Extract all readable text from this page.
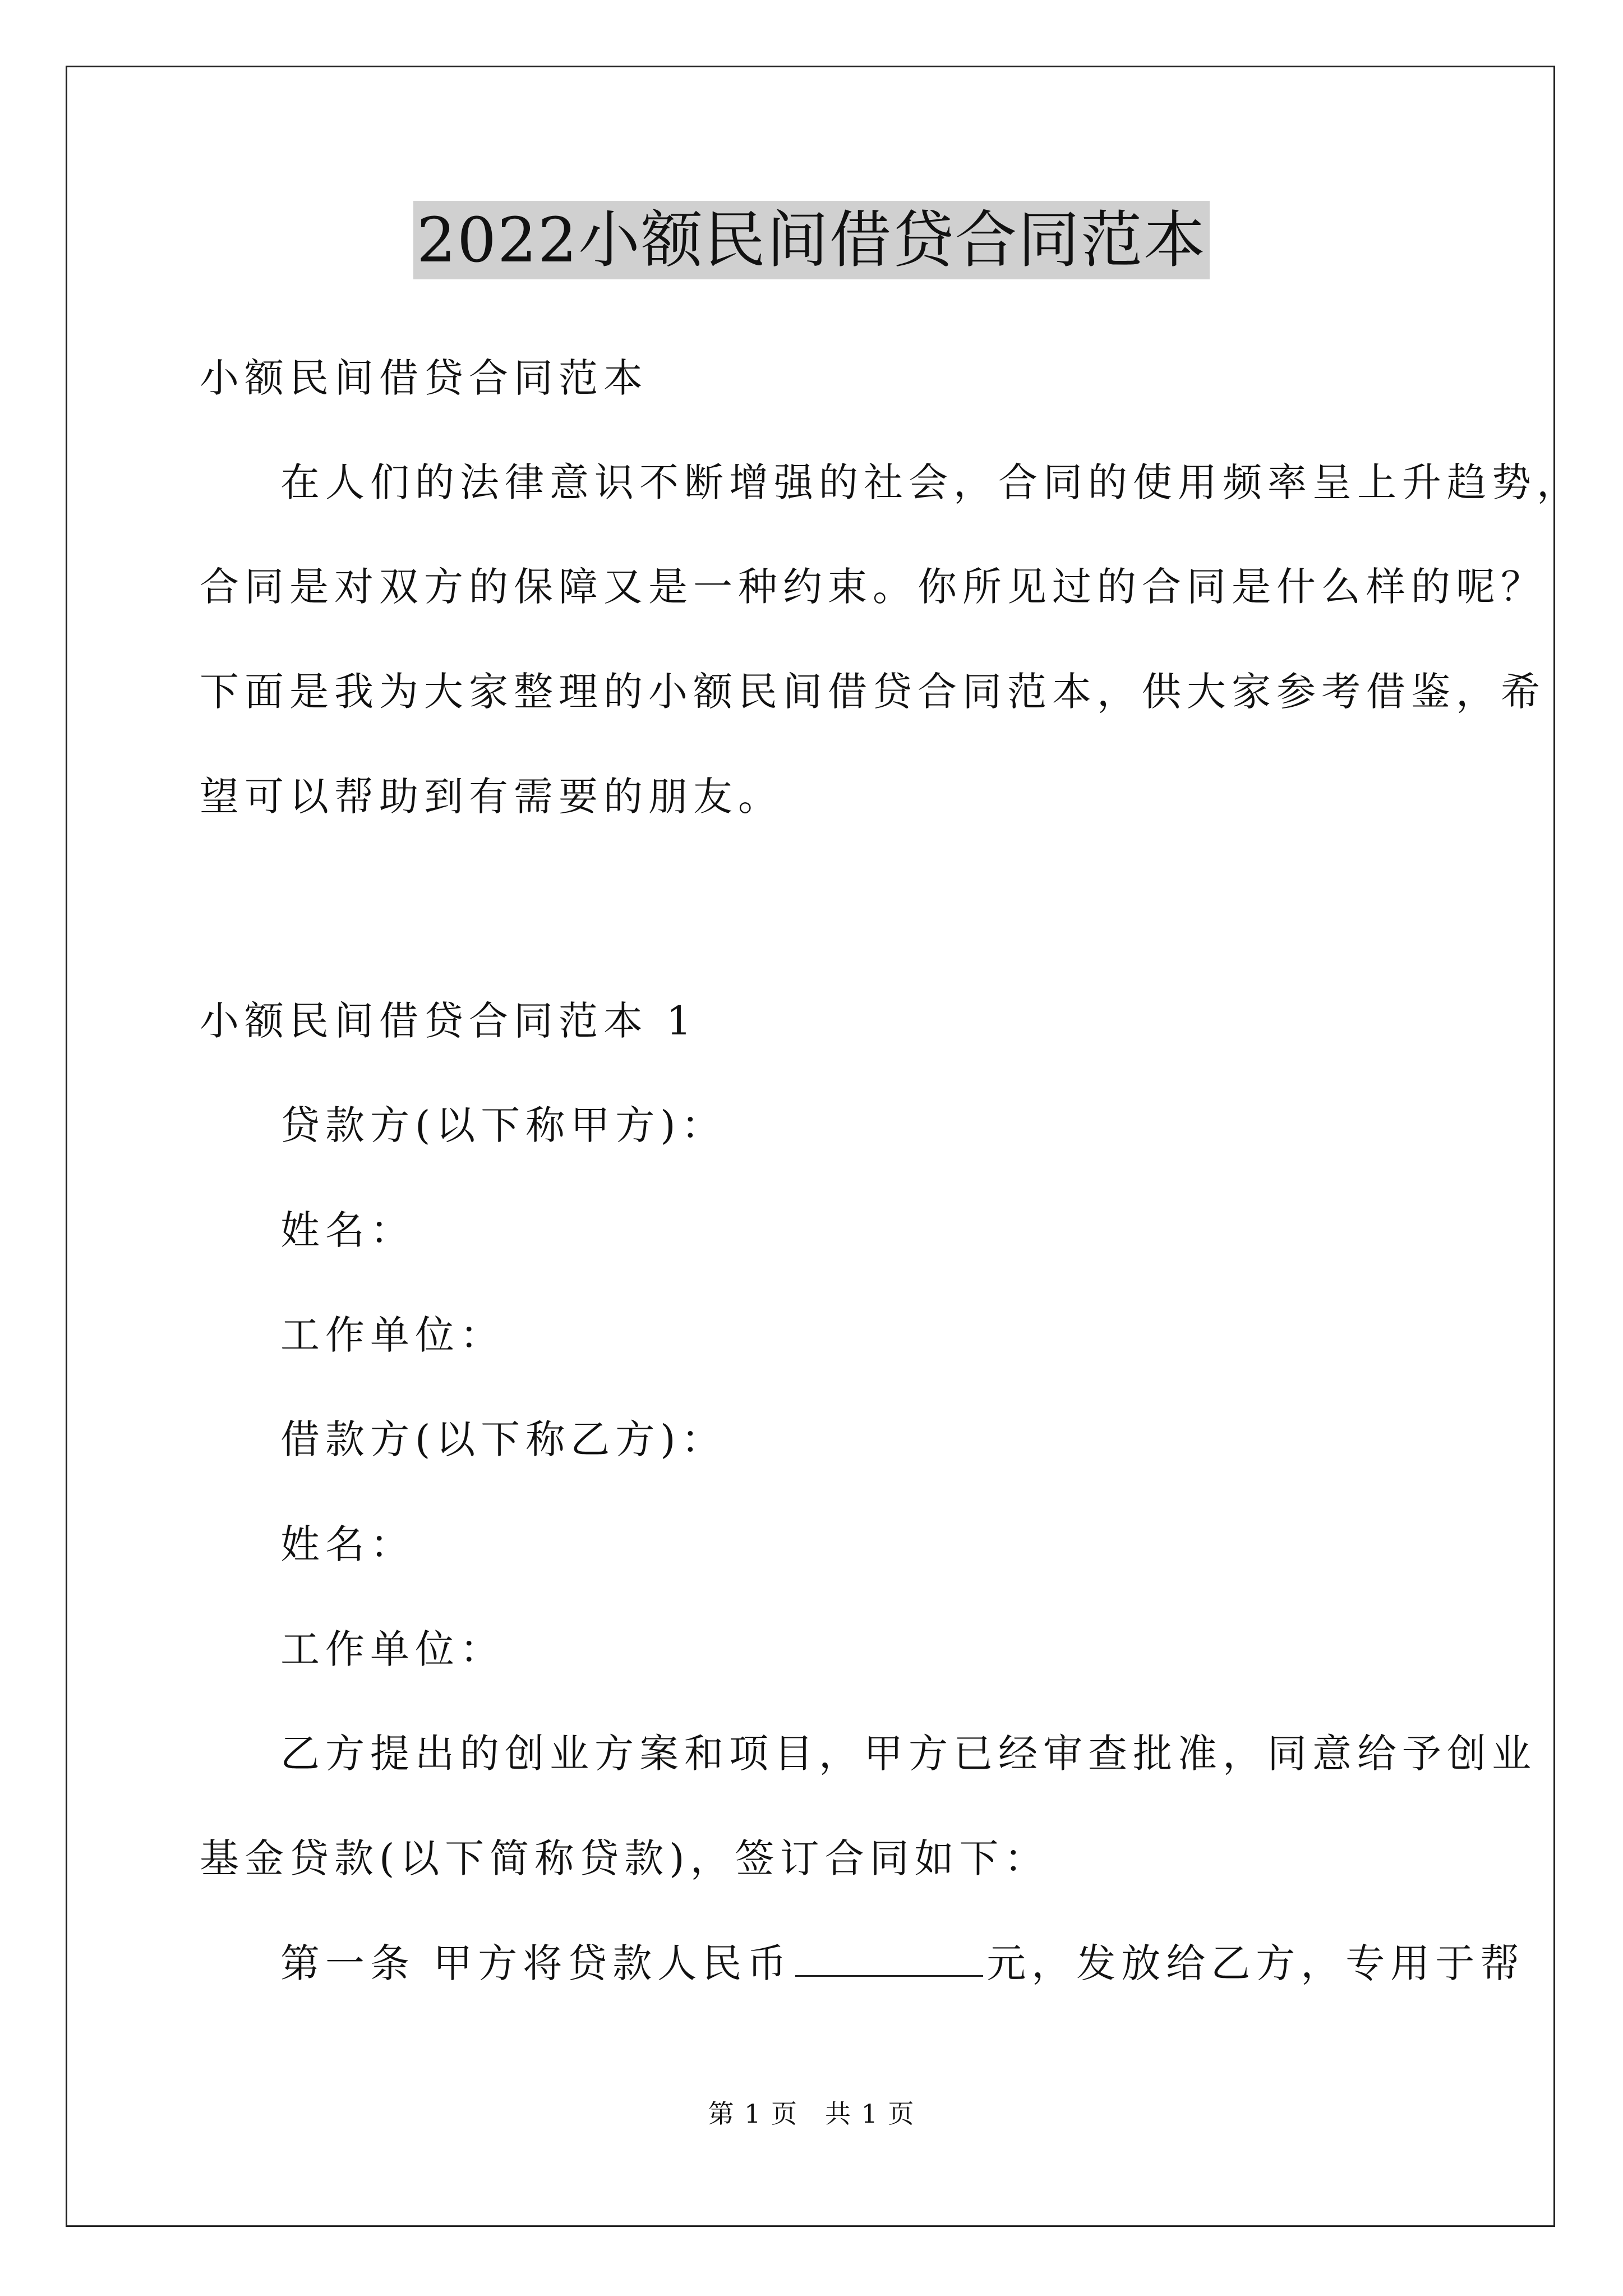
2022小额民间借贷合同范本
小额民间借贷合同范本
在人们的法律意识不断增强的社会，合同的使用频率呈上升趋势，
合同是对双方的保障又是一种约束。你所见过的合同是什么样的呢？
下面是我为大家整理的小额民间借贷合同范本，供大家参考借鉴，希
望可以帮助到有需要的朋友。
小额民间借贷合同范本 1
贷款方(以下称甲方)：
姓名：
工作单位：
借款方(以下称乙方)：
姓名：
工作单位：
乙方提出的创业方案和项目，甲方已经审查批准，同意给予创业
基金贷款(以下简称贷款)，签订合同如下：
第一条 甲方将贷款人民币	元，发放给乙方，专用于帮
第 1 页　共 1 页
